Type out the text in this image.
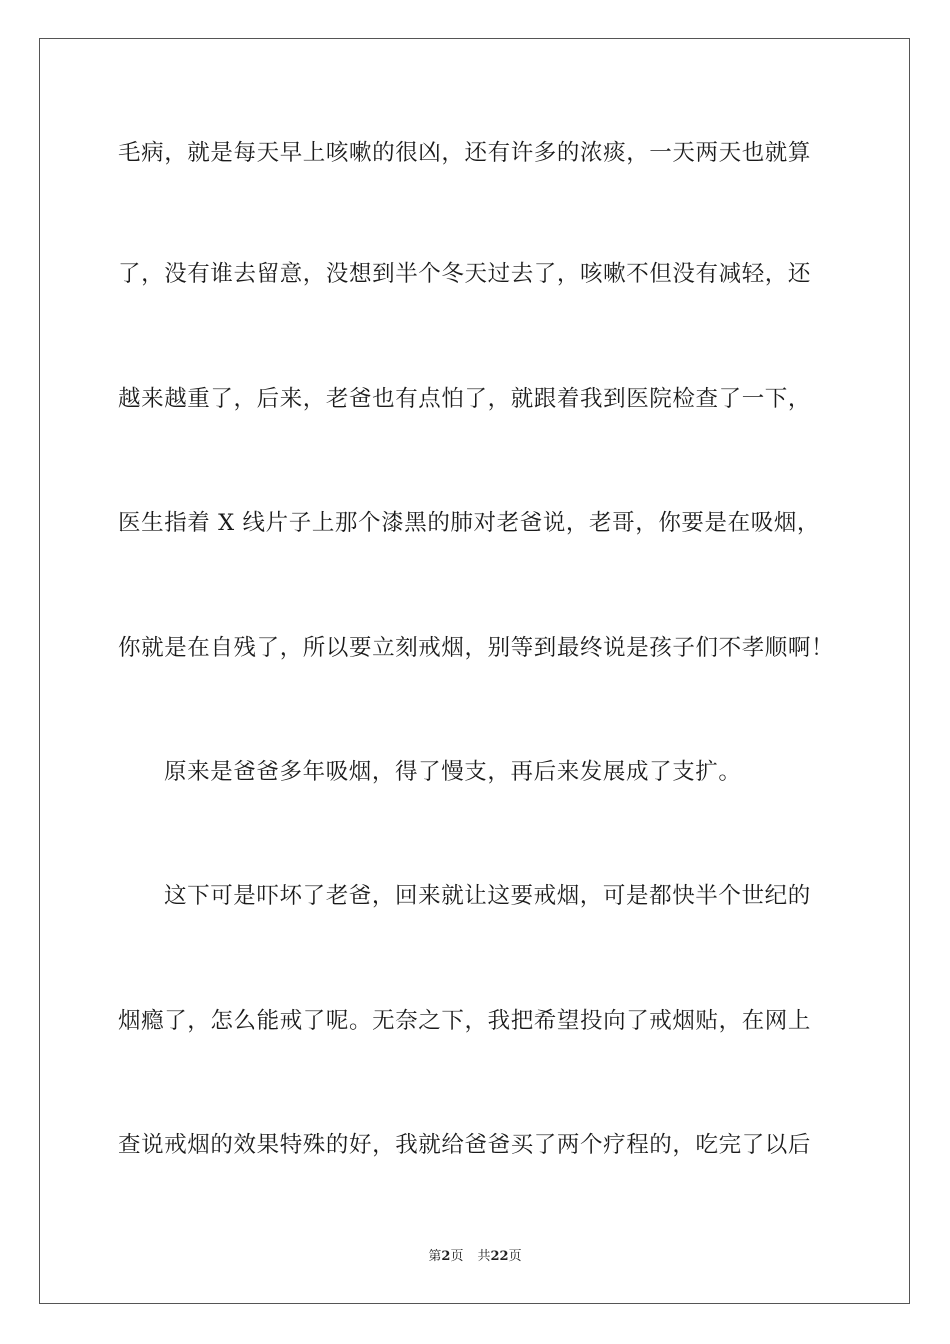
毛病，就是每天早上咳嗽的很凶，还有许多的浓痰，一天两天也就算
了，没有谁去留意，没想到半个冬天过去了，咳嗽不但没有减轻，还
越来越重了，后来，老爸也有点怕了，就跟着我到医院检查了一下，
医生指着 X 线片子上那个漆黑的肺对老爸说，老哥，你要是在吸烟，
你就是在自残了，所以要立刻戒烟，别等到最终说是孩子们不孝顺啊！
原来是爸爸多年吸烟，得了慢支，再后来发展成了支扩。
这下可是吓坏了老爸，回来就让这要戒烟，可是都快半个世纪的
烟瘾了，怎么能戒了呢。无奈之下，我把希望投向了戒烟贴，在网上
查说戒烟的效果特殊的好，我就给爸爸买了两个疗程的，吃完了以后
第2页 共22页
